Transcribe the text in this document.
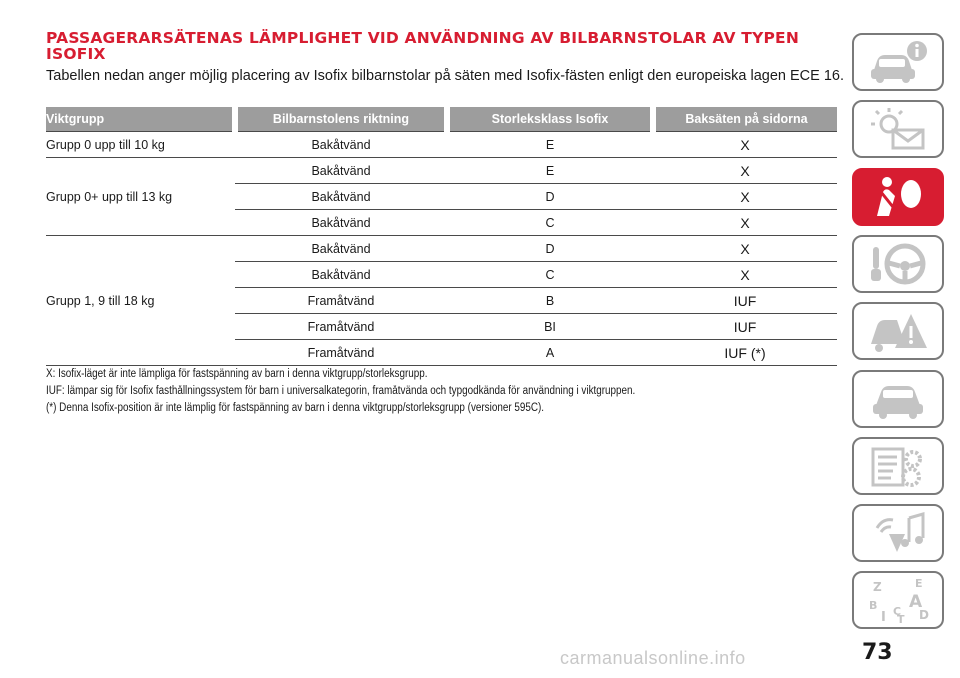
PASSAGERARSÄTENAS LÄMPLIGHET VID ANVÄNDNING AV BILBARNSTOLAR AV TYPEN ISOFIX

Tabellen nedan anger möjlig placering av Isofix bilbarnstolar på säten med Isofix-fästen enligt den europeiska lagen ECE 16.

Viktgrupp	Bilbarnstolens riktning	Storleksklass Isofix	Baksäten på sidorna
Grupp 0 upp till 10 kg	Bakåtvänd	E	X
Grupp 0+ upp till 13 kg	Bakåtvänd	E	X
	Bakåtvänd	D	X
	Bakåtvänd	C	X
Grupp 1, 9 till 18 kg	Bakåtvänd	D	X
	Bakåtvänd	C	X
	Framåtvänd	B	IUF
	Framåtvänd	BI	IUF
	Framåtvänd	A	IUF (*)

X: Isofix-läget är inte lämpliga för fastspänning av barn i denna viktgrupp/storleksgrupp.

IUF: lämpar sig för Isofix fasthållningssystem för barn i universalkategorin, framåtvända och typgodkända för användning i viktgruppen.

(*) Denna Isofix-position är inte lämplig för fastspänning av barn i denna viktgrupp/storleksgrupp (versioner 595C).

Z	E
B A
I C
T D
73
carmanualsonline.info
